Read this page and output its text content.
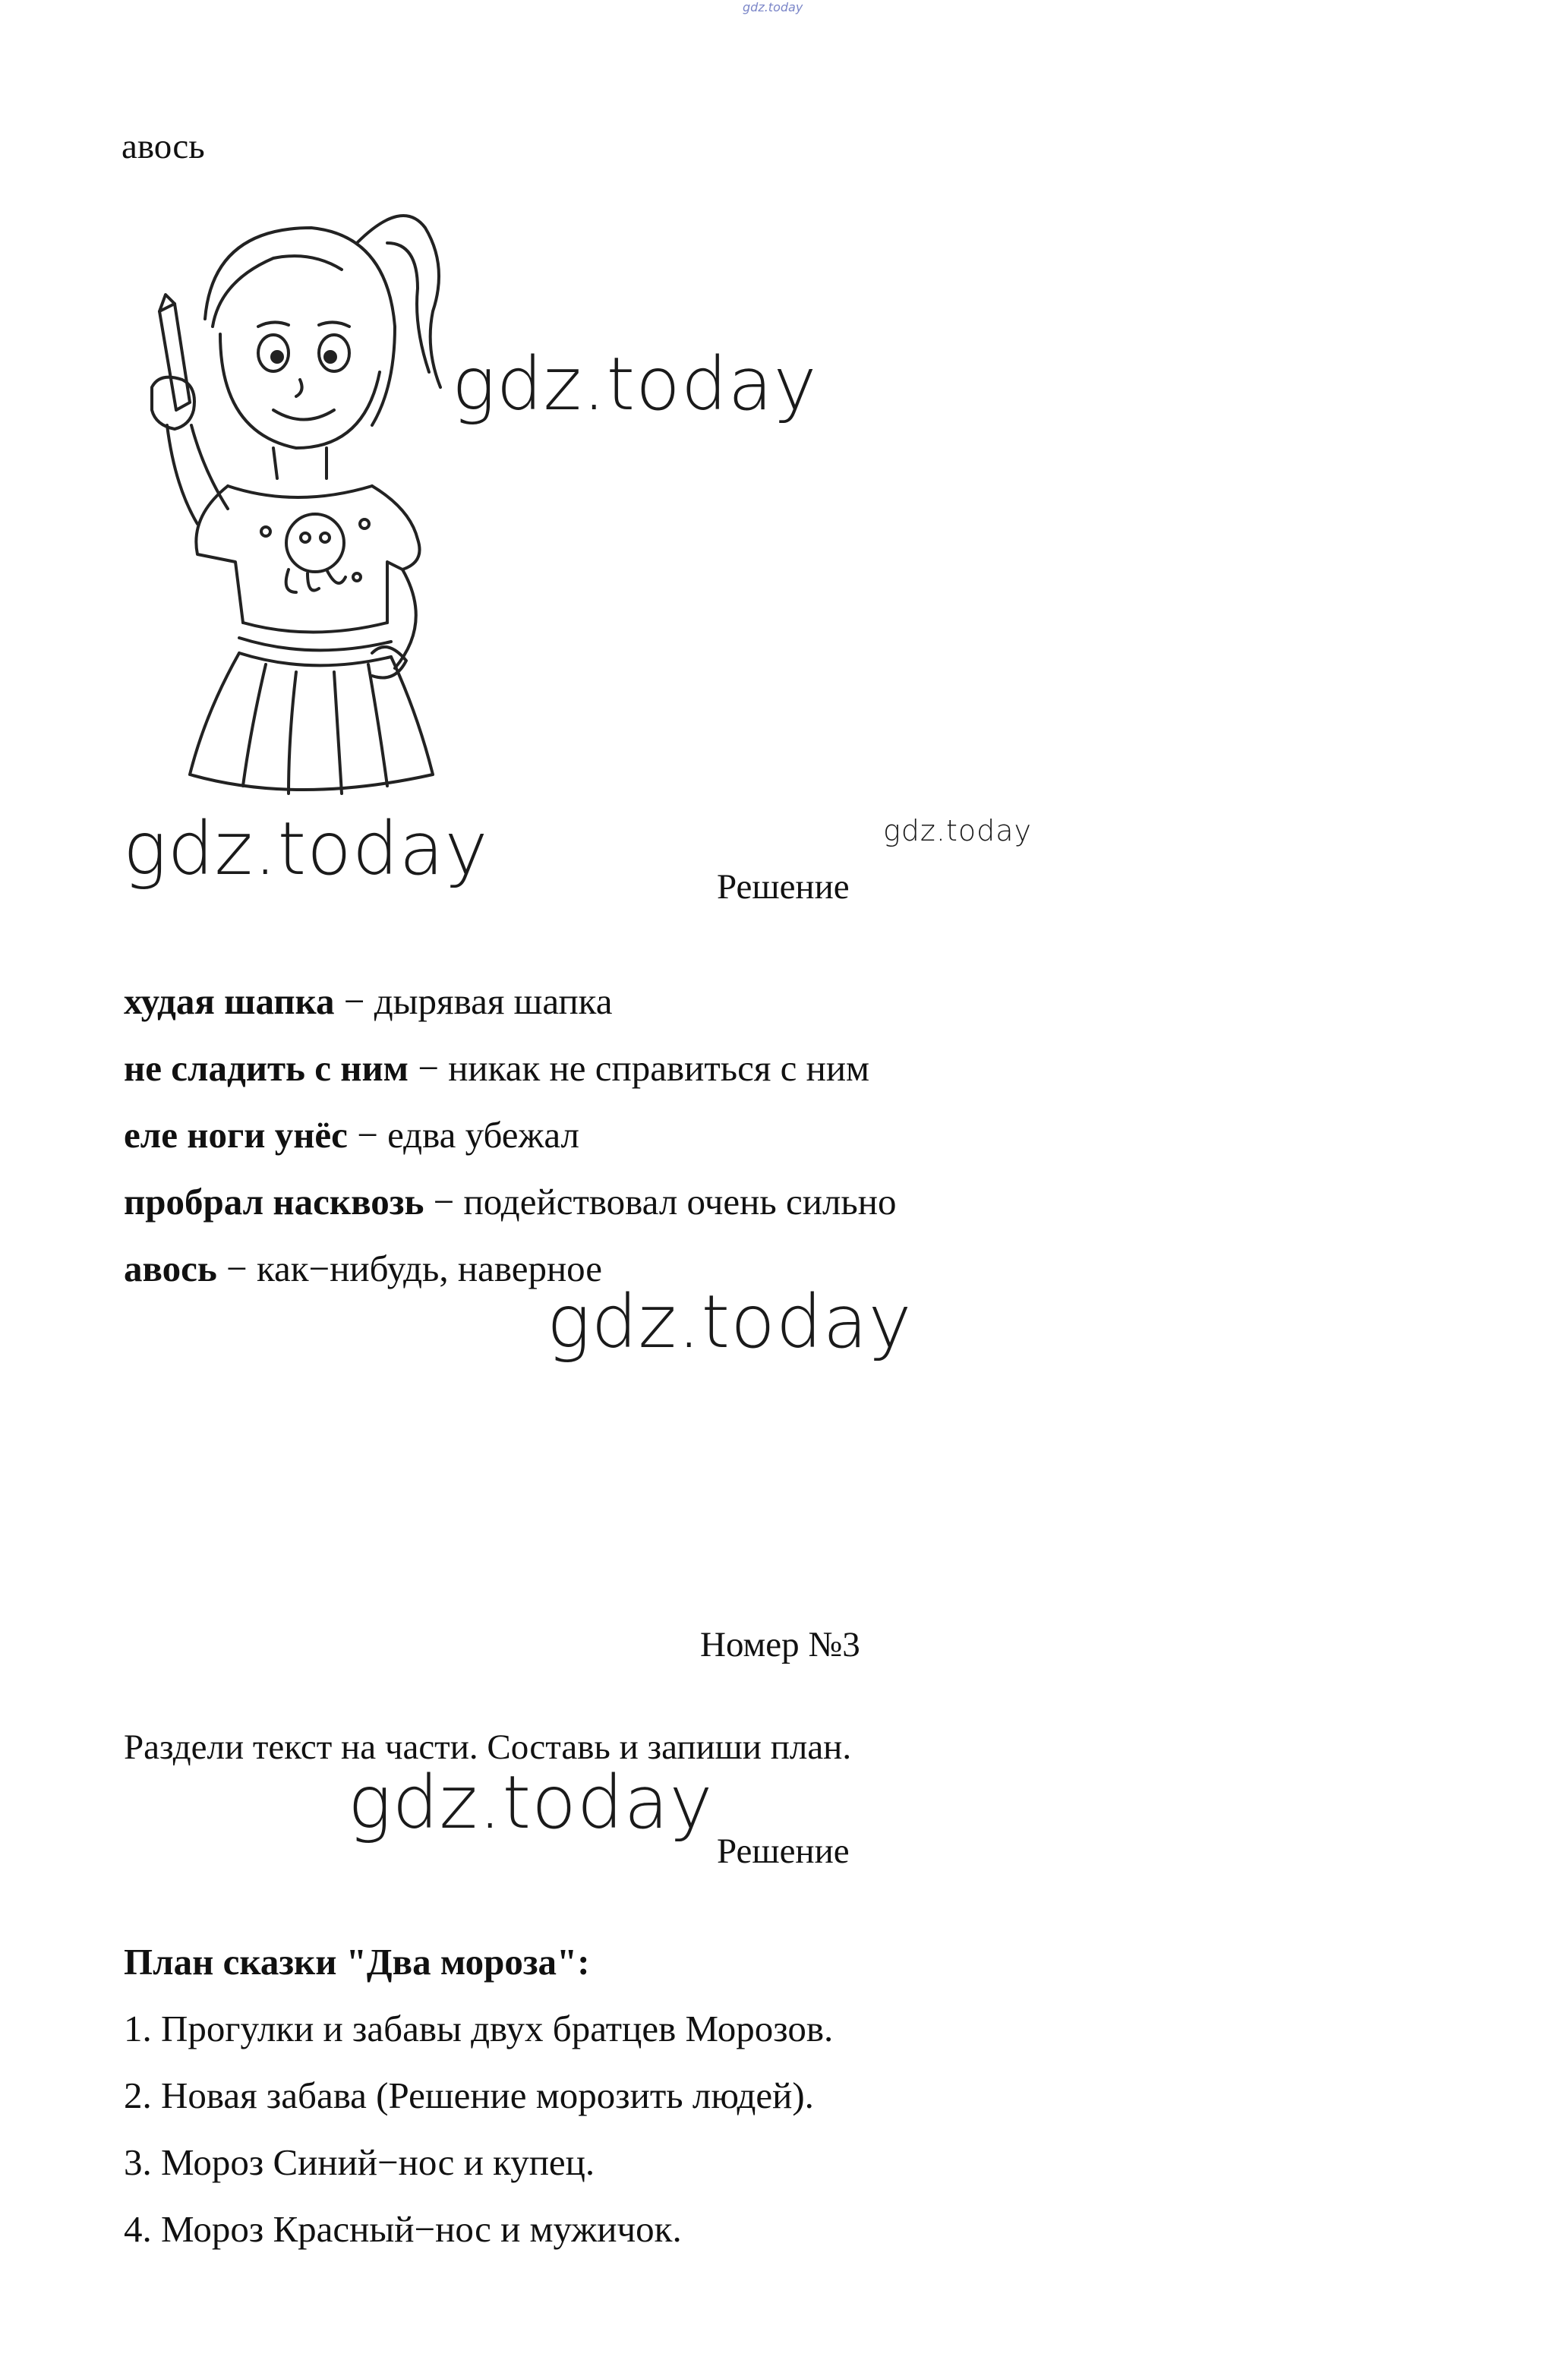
gdz.today
авось
gdz.today
gdz.today	gdz.today
Решение
худая шапка − дырявая шапка
не сладить с ним − никак не справиться с ним
еле ноги унёс − едва убежал
пробрал насквозь − подействовал очень сильно
авось − как−нибудь, наверное
gdz.today
Номер №3
Раздели текст на части. Составь и запиши план.
gdz.today
Решение
План сказки "Два мороза":
1. Прогулки и забавы двух братцев Морозов.
2. Новая забава (Решение морозить людей).
3. Мороз Синий−нос и купец.
4. Мороз Красный−нос и мужичок.
